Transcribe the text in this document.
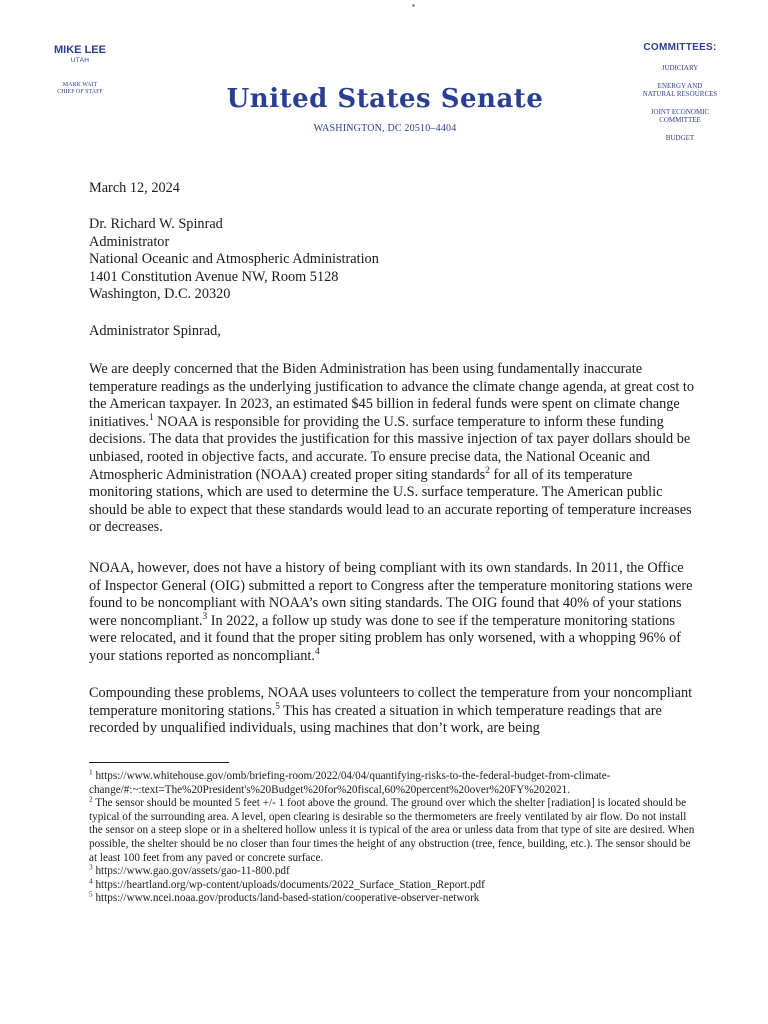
MIKE LEE
UTAH
MARK WAIT
CHIEF OF STAFF	United States Senate
WASHINGTON, DC 20510–4404
COMMITTEES:
JUDICIARY
ENERGY AND
NATURAL RESOURCES
JOINT ECONOMIC
COMMITTEE
BUDGET
March 12, 2024
Dr. Richard W. Spinrad
Administrator
National Oceanic and Atmospheric Administration
1401 Constitution Avenue NW, Room 5128
Washington, D.C. 20320
Administrator Spinrad,

We are deeply concerned that the Biden Administration has been using fundamentally inaccurate temperature readings as the underlying justification to advance the climate change agenda, at great cost to the American taxpayer. In 2023, an estimated $45 billion in federal funds were spent on climate change initiatives.$^1$ NOAA is responsible for providing the U.S. surface temperature to inform these funding decisions. The data that provides the justification for this massive injection of tax payer dollars should be unbiased, rooted in objective facts, and accurate. To ensure precise data, the National Oceanic and Atmospheric Administration (NOAA) created proper siting standards$^2$ for all of its temperature monitoring stations, which are used to determine the U.S. surface temperature. The American public should be able to expect that these standards would lead to an accurate reporting of temperature increases or decreases.

NOAA, however, does not have a history of being compliant with its own standards. In 2011, the Office of Inspector General (OIG) submitted a report to Congress after the temperature monitoring stations were found to be noncompliant with NOAA’s own siting standards. The OIG found that 40% of your stations were noncompliant.$^3$ In 2022, a follow up study was done to see if the temperature monitoring stations were relocated, and it found that the proper siting problem has only worsened, with a whopping 96% of your stations reported as noncompliant.$^4$

Compounding these problems, NOAA uses volunteers to collect the temperature from your noncompliant temperature monitoring stations.$^5$ This has created a situation in which temperature readings that are recorded by unqualified individuals, using machines that don’t work, are being

$^1$ https://www.whitehouse.gov/omb/briefing-room/2022/04/04/quantifying-risks-to-the-federal-budget-from-climate-change/#:~:text=The%20President's%20Budget%20for%20fiscal,60%20percent%20over%20FY%202021.

$^2$ The sensor should be mounted 5 feet +/- 1 foot above the ground. The ground over which the shelter [radiation] is located should be typical of the surrounding area. A level, open clearing is desirable so the thermometers are freely ventilated by air flow. Do not install the sensor on a steep slope or in a sheltered hollow unless it is typical of the area or unless data from that type of site are desired. When possible, the shelter should be no closer than four times the height of any obstruction (tree, fence, building, etc.). The sensor should be at least 100 feet from any paved or concrete surface.

$^3$ https://www.gao.gov/assets/gao-11-800.pdf

$^4$ https://heartland.org/wp-content/uploads/documents/2022_Surface_Station_Report.pdf

$^5$ https://www.ncei.noaa.gov/products/land-based-station/cooperative-observer-network
